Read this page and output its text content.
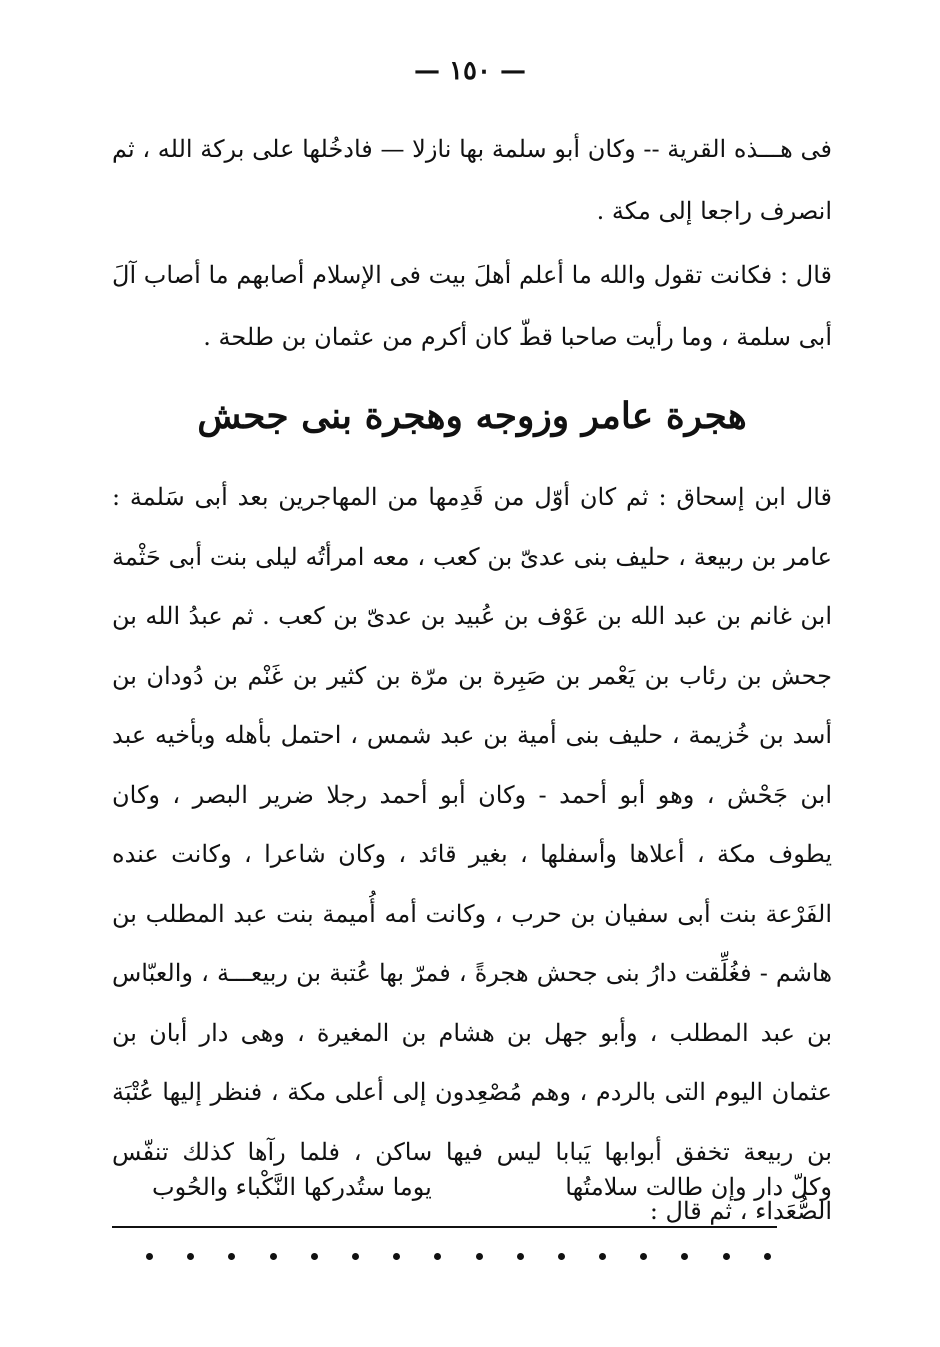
— ١٥٠ —

فى هـــذه القرية -- وكان أبو سلمة بها نازلا — فادخُلها على بركة الله ، ثم انصرف راجعا إلى مكة .

قال : فكانت تقول والله ما أعلم أهلَ بيت فى الإسلام أصابهم ما أصاب آلَ أبى سلمة ، وما رأيت صاحبا قطّ كان أكرم من عثمان بن طلحة .

هجرة عامر وزوجه وهجرة بنى جحش

قال ابن إسحاق : ثم كان أوّل من قَدِمها من المهاجرين بعد أبى سَلمة : عامر بن ربيعة ، حليف بنى عدىّ بن كعب ، معه امرأتُه ليلى بنت أبى حَثْمة ابن غانم بن عبد الله بن عَوْف بن عُبيد بن عدىّ بن كعب . ثم عبدُ الله بن جحش بن رئاب بن يَعْمر بن صَبِرة بن مرّة بن كثير بن غَنْم بن دُودان بن أسد بن خُزيمة ، حليف بنى أمية بن عبد شمس ، احتمل بأهله وبأخيه عبد ابن جَحْش ، وهو أبو أحمد - وكان أبو أحمد رجلا ضرير البصر ، وكان يطوف مكة ، أعلاها وأسفلها ، بغير قائد ، وكان شاعرا ، وكانت عنده الفَرْعة بنت أبى سفيان بن حرب ، وكانت أمه أُميمة بنت عبد المطلب بن هاشم - فغُلِّقت دارُ بنى جحش هجرةً ، فمرّ بها عُتبة بن ربيعـــة ، والعبّاس بن عبد المطلب ، وأبو جهل بن هشام بن المغيرة ، وهى دار أبان بن عثمان اليوم التى بالردم ، وهم مُصْعِدون إلى أعلى مكة ، فنظر إليها عُتْبَة بن ربيعة تخفق أبوابها يَبابا ليس فيها ساكن ، فلما رآها كذلك تنفّس الصُّعَداء ، ثم قال :

وكلّ دار وإن طالت سلامتُها
يوما ستُدركها النَّكْباء والحُوب
